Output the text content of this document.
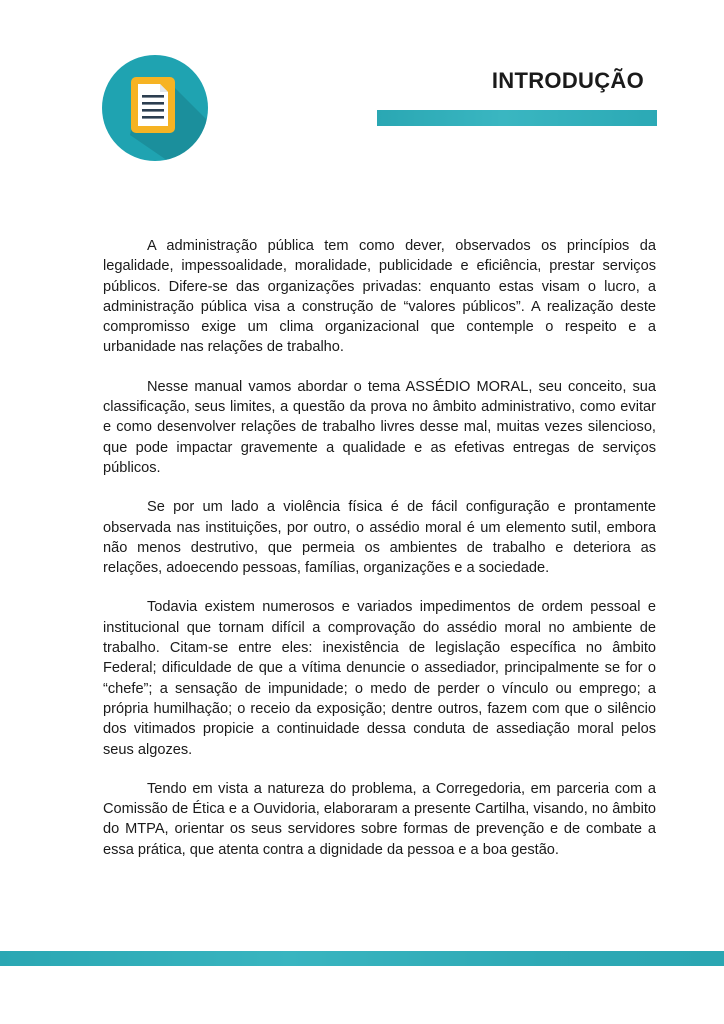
INTRODUÇÃO

A administração pública tem como dever, observados os princípios da legalidade, impessoalidade, moralidade, publicidade e eficiência, prestar serviços públicos. Difere-se das organizações privadas: enquanto estas visam o lucro, a administração pública visa a construção de “valores públicos”. A realização deste compromisso exige um clima organizacional que contemple o respeito e a urbanidade nas relações de trabalho.

Nesse manual vamos abordar o tema ASSÉDIO MORAL, seu conceito, sua classificação, seus limites, a questão da prova no âmbito administrativo, como evitar e como desenvolver relações de trabalho livres desse mal, muitas vezes silencioso, que pode impactar gravemente a qualidade e as efetivas entregas de serviços públicos.

Se por um lado a violência física é de fácil configuração e prontamente observada nas instituições, por outro, o assédio moral é um elemento sutil, embora não menos destrutivo, que permeia os ambientes de trabalho e deteriora as relações, adoecendo pessoas, famílias, organizações e a sociedade.

Todavia existem numerosos e variados impedimentos de ordem pessoal e institucional que tornam difícil a comprovação do assédio moral no ambiente de trabalho. Citam-se entre eles: inexistência de legislação específica no âmbito Federal; dificuldade de que a vítima denuncie o assediador, principalmente se for o “chefe”; a sensação de impunidade; o medo de perder o vínculo ou emprego; a própria humilhação; o receio da exposição; dentre outros, fazem com que o silêncio dos vitimados propicie a continuidade dessa conduta de assediação moral pelos seus algozes.

Tendo em vista a natureza do problema, a Corregedoria, em parceria com a Comissão de Ética e a Ouvidoria, elaboraram a presente Cartilha, visando, no âmbito do MTPA, orientar os seus servidores sobre formas de prevenção e de combate a essa prática, que atenta contra a dignidade da pessoa e a boa gestão.
